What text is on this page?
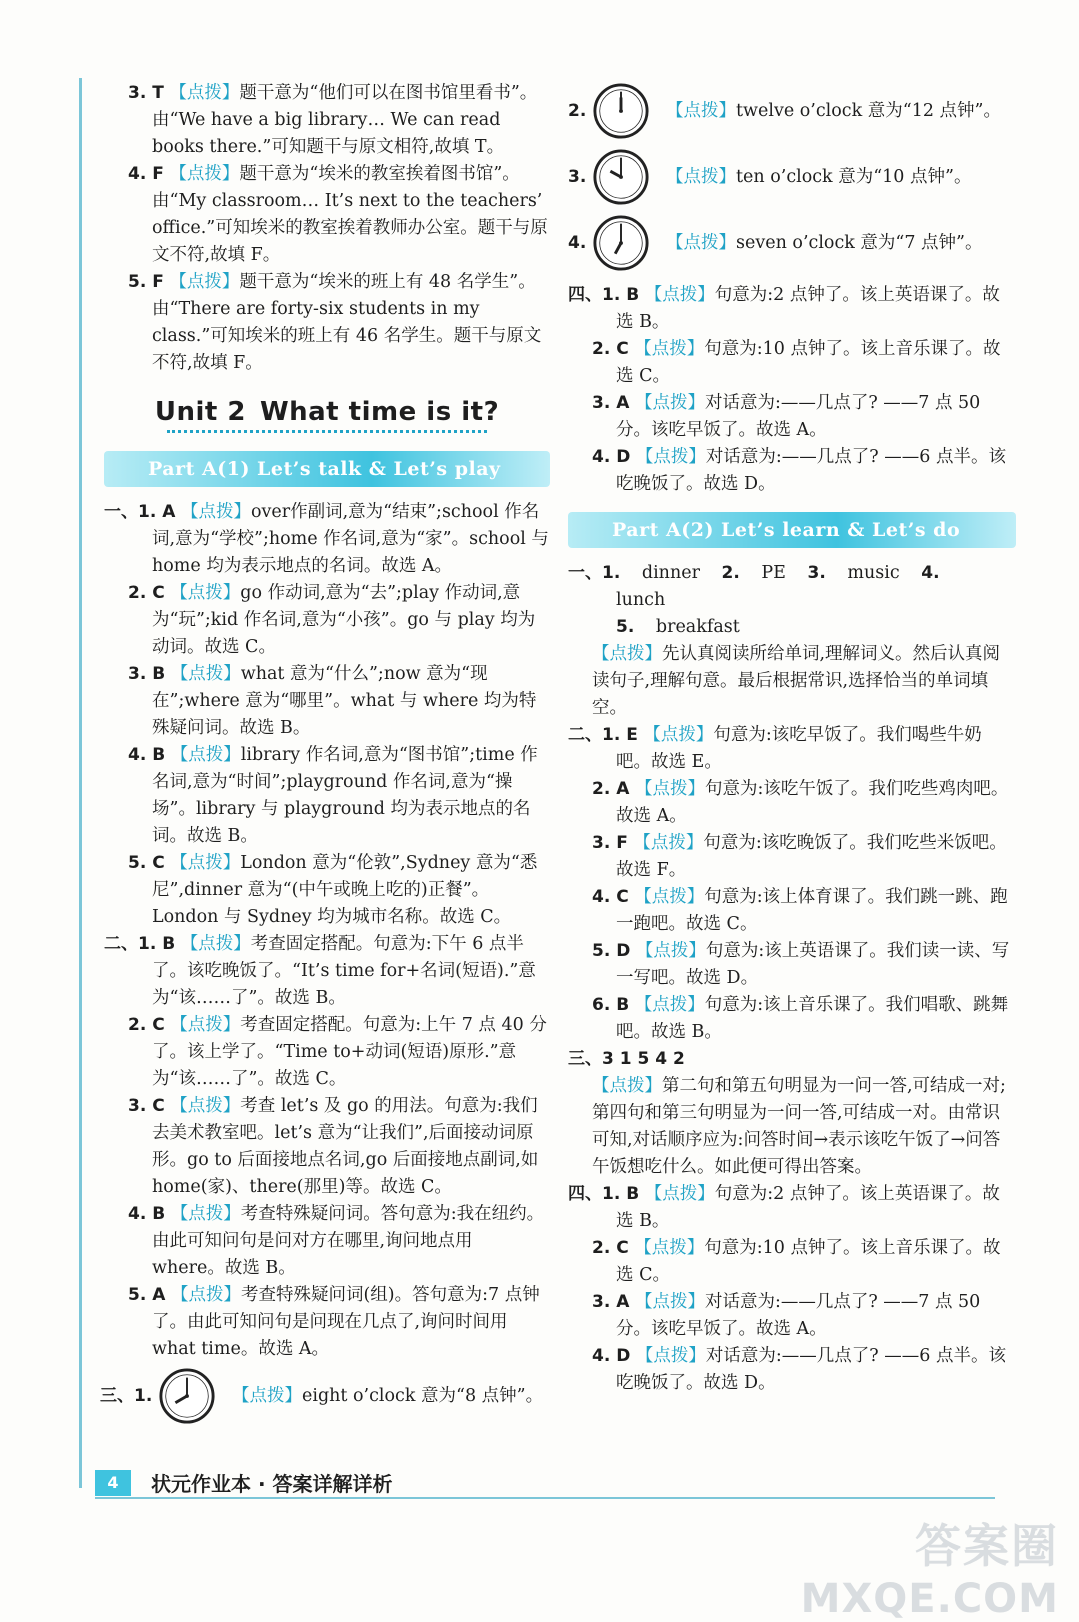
3. T 【点拨】题干意为“他们可以在图书馆里看书”。由“We have a big library… We can read books there.”可知题干与原文相符,故填 T。

4. F 【点拨】题干意为“埃米的教室挨着图书馆”。由“My classroom… It’s next to the teachers’ office.”可知埃米的教室挨着教师办公室。题干与原文不符,故填 F。

5. F 【点拨】题干意为“埃米的班上有 48 名学生”。由“There are forty-six students in my class.”可知埃米的班上有 46 名学生。题干与原文不符,故填 F。

Unit 2 What time is it?
Part A(1) Let’s talk & Let’s play

一、1. A 【点拨】over作副词,意为“结束”;school 作名词,意为“学校”;home 作名词,意为“家”。school 与 home 均为表示地点的名词。故选 A。

2. C 【点拨】go 作动词,意为“去”;play 作动词,意为“玩”;kid 作名词,意为“小孩”。go 与 play 均为动词。故选 C。

3. B 【点拨】what 意为“什么”;now 意为“现在”;where 意为“哪里”。what 与 where 均为特殊疑问词。故选 B。

4. B 【点拨】library 作名词,意为“图书馆”;time 作名词,意为“时间”;playground 作名词,意为“操场”。library 与 playground 均为表示地点的名词。故选 B。

5. C 【点拨】London 意为“伦敦”,Sydney 意为“悉尼”,dinner 意为“(中午或晚上吃的)正餐”。London 与 Sydney 均为城市名称。故选 C。

二、1. B 【点拨】考查固定搭配。句意为:下午 6 点半了。该吃晚饭了。“It’s time for+名词(短语).”意为“该……了”。故选 B。

2. C 【点拨】考查固定搭配。句意为:上午 7 点 40 分了。该上学了。“Time to+动词(短语)原形.”意为“该……了”。故选 C。

3. C 【点拨】考查 let’s 及 go 的用法。句意为:我们去美术教室吧。let’s 意为“让我们”,后面接动词原形。go to 后面接地点名词,go 后面接地点副词,如 home(家)、there(那里)等。故选 C。

4. B 【点拨】考查特殊疑问词。答句意为:我在纽约。由此可知问句是问对方在哪里,询问地点用 where。故选 B。

5. A 【点拨】考查特殊疑问词(组)。答句意为:7 点钟了。由此可知问句是问现在几点了,询问时间用 what time。故选 A。

三、1.	【点拨】eight o’clock 意为“8 点钟”。
2.	【点拨】twelve o’clock 意为“12 点钟”。
3.	【点拨】ten o’clock 意为“10 点钟”。
4.	【点拨】seven o’clock 意为“7 点钟”。

四、1. B 【点拨】句意为:2 点钟了。该上英语课了。故选 B。

2. C 【点拨】句意为:10 点钟了。该上音乐课了。故选 C。

3. A 【点拨】对话意为:——几点了? ——7 点 50 分。该吃早饭了。故选 A。

4. D 【点拨】对话意为:——几点了? ——6 点半。该吃晚饭了。故选 D。

Part A(2) Let’s learn & Let’s do

一、1. dinner 2. PE 3. music 4. lunch
5. breakfast

【点拨】先认真阅读所给单词,理解词义。然后认真阅读句子,理解句意。最后根据常识,选择恰当的单词填空。

二、1. E 【点拨】句意为:该吃早饭了。我们喝些牛奶吧。故选 E。

2. A 【点拨】句意为:该吃午饭了。我们吃些鸡肉吧。故选 A。

3. F 【点拨】句意为:该吃晚饭了。我们吃些米饭吧。故选 F。

4. C 【点拨】句意为:该上体育课了。我们跳一跳、跑一跑吧。故选 C。

5. D 【点拨】句意为:该上英语课了。我们读一读、写一写吧。故选 D。

6. B 【点拨】句意为:该上音乐课了。我们唱歌、跳舞吧。故选 B。

三、3 1 5 4 2

【点拨】第二句和第五句明显为一问一答,可结成一对;第四句和第三句明显为一问一答,可结成一对。由常识可知,对话顺序应为:问答时间→表示该吃午饭了→问答午饭想吃什么。如此便可得出答案。

四、1. B 【点拨】句意为:2 点钟了。该上英语课了。故选 B。

2. C 【点拨】句意为:10 点钟了。该上音乐课了。故选 C。

3. A 【点拨】对话意为:——几点了? ——7 点 50 分。该吃早饭了。故选 A。

4. D 【点拨】对话意为:——几点了? ——6 点半。该吃晚饭了。故选 D。

4	状元作业本 · 答案详解详析
答案圈
MXQE.COM
